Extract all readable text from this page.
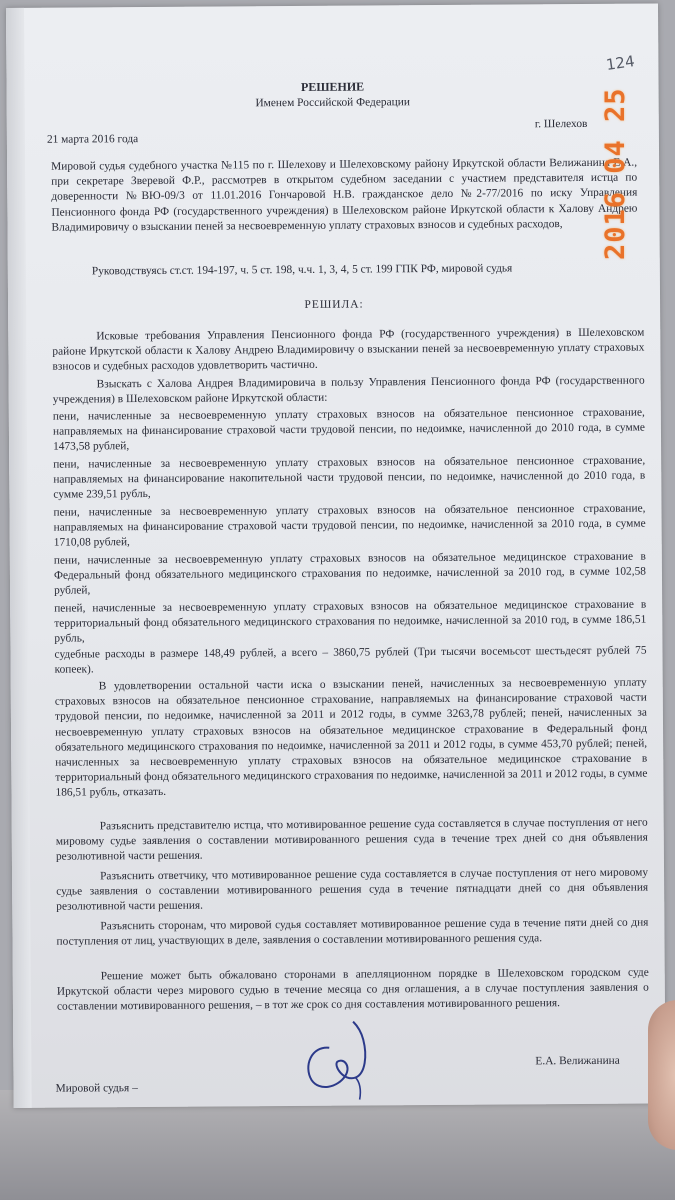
РЕШЕНИЕ
Именем Российской Федерации
21 марта 2016 года
г. Шелехов

Мировой судья судебного участка №115 по г. Шелехову и Шелеховскому району Иркутской области Велижанина Е.А., при секретаре Зверевой Ф.Р., рассмотрев в открытом судебном заседании с участием представителя истца по доверенности №ВЮ-09/3 от 11.01.2016 Гончаровой Н.В. гражданское дело №2-77/2016 по иску Управления Пенсионного фонда РФ (государственного учреждения) в Шелеховском районе Иркутской области к Халову Андрею Владимировичу о взыскании пеней за несвоевременную уплату страховых взносов и судебных расходов,

Руководствуясь ст.ст. 194-197, ч. 5 ст. 198, ч.ч. 1, 3, 4, 5 ст. 199 ГПК РФ, мировой судья

РЕШИЛА:

Исковые требования Управления Пенсионного фонда РФ (государственного учреждения) в Шелеховском районе Иркутской области к Халову Андрею Владимировичу о взыскании пеней за несвоевременную уплату страховых взносов и судебных расходов удовлетворить частично.

Взыскать с Халова Андрея Владимировича в пользу Управления Пенсионного фонда РФ (государственного учреждения) в Шелеховском районе Иркутской области:

пени, начисленные за несвоевременную уплату страховых взносов на обязательное пенсионное страхование, направляемых на финансирование страховой части трудовой пенсии, по недоимке, начисленной до 2010 года, в сумме 1473,58 рублей,

пени, начисленные за несвоевременную уплату страховых взносов на обязательное пенсионное страхование, направляемых на финансирование накопительной части трудовой пенсии, по недоимке, начисленной до 2010 года, в сумме 239,51 рубль,

пени, начисленные за несвоевременную уплату страховых взносов на обязательное пенсионное страхование, направляемых на финансирование страховой части трудовой пенсии, по недоимке, начисленной за 2010 года, в сумме 1710,08 рублей,

пени, начисленные за несвоевременную уплату страховых взносов на обязательное медицинское страхование в Федеральный фонд обязательного медицинского страхования по недоимке, начисленной за 2010 год, в сумме 102,58 рублей,

пеней, начисленные за несвоевременную уплату страховых взносов на обязательное медицинское страхование в территориальный фонд обязательного медицинского страхования по недоимке, начисленной за 2010 год, в сумме 186,51 рубль,

судебные расходы в размере 148,49 рублей, а всего – 3860,75 рублей (Три тысячи восемьсот шестьдесят рублей 75 копеек).

В удовлетворении остальной части иска о взыскании пеней, начисленных за несвоевременную уплату страховых взносов на обязательное пенсионное страхование, направляемых на финансирование страховой части трудовой пенсии, по недоимке, начисленной за 2011 и 2012 годы, в сумме 3263,78 рублей; пеней, начисленных за несвоевременную уплату страховых взносов на обязательное медицинское страхование в Федеральный фонд обязательного медицинского страхования по недоимке, начисленной за 2011 и 2012 годы, в сумме 453,70 рублей; пеней, начисленных за несвоевременную уплату страховых взносов на обязательное медицинское страхование в территориальный фонд обязательного медицинского страхования по недоимке, начисленной за 2011 и 2012 годы, в сумме 186,51 рубль, отказать.

Разъяснить представителю истца, что мотивированное решение суда составляется в случае поступления от него мировому судье заявления о составлении мотивированного решения суда в течение трех дней со дня объявления резолютивной части решения.

Разъяснить ответчику, что мотивированное решение суда составляется в случае поступления от него мировому судье заявления о составлении мотивированного решения суда в течение пятнадцати дней со дня объявления резолютивной части решения.

Разъяснить сторонам, что мировой судья составляет мотивированное решение суда в течение пяти дней со дня поступления от лиц, участвующих в деле, заявления о составлении мотивированного решения суда.

Решение может быть обжаловано сторонами в апелляционном порядке в Шелеховском городском суде Иркутской области через мирового судью в течение месяца со дня оглашения, а в случае поступления заявления о составлении мотивированного решения, – в тот же срок со дня составления мотивированного решения.

Е.А. Велижанина
Мировой судья –
124
2016 04 25
